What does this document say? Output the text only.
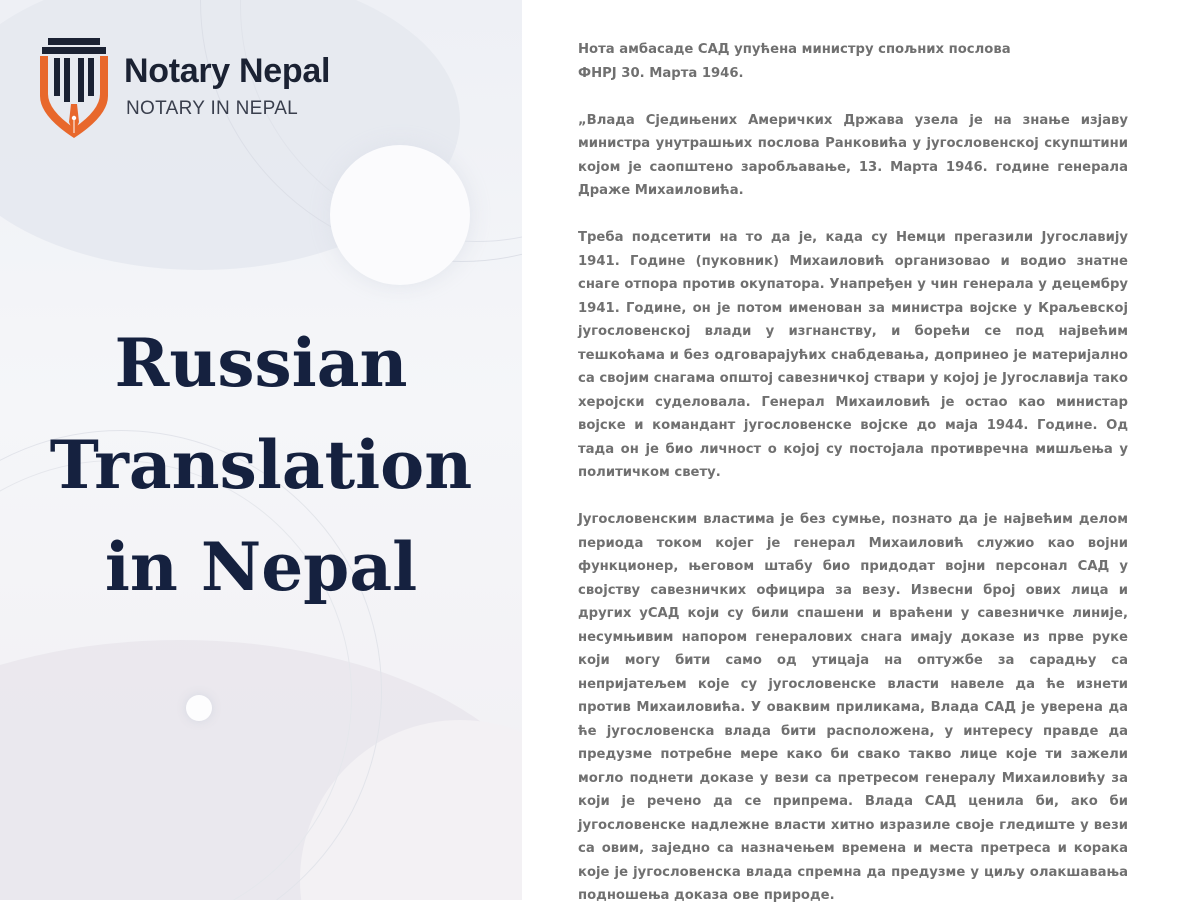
Notary Nepal

NOTARY IN NEPAL

Russian
Translation
in Nepal

Нота амбасаде САД упућена министру спољних послова

ФНРЈ 30. Марта 1946.

„Влада Сједињених Америчких Држава узела је на знање изјаву министра унутрашњих послова Ранковића у југословенској скупштини којом је саопштено заробљавање, 13. Марта 1946. године генерала Драже Михаиловића.

Треба подсетити на то да је, када су Немци прегазили Југославију 1941. Године (пуковник) Михаиловић организовао и водио знатне снаге отпора против окупатора. Унапређен у чин генерала у децембру 1941. Године, он је потом именован за министра војске у Краљевској југословенској влади у изгнанству, и борећи се под највећим тешкоћама и без одговарајућих снабдевања, допринео је материјално са својим снагама општој савезничкој ствари у којој је Југославија тако херојски суделовала. Генерал Михаиловић је остао као министар војске и командант југословенске војске до маја 1944. Године. Од тада он је био личност о којој су постојала противречна мишљења у политичком свету.

Југословенским властима је без сумње, познато да је највећим делом периода током којег је генерал Михаиловић служио као војни функционер, његовом штабу био придодат војни персонал САД у својству савезничких официра за везу. Извесни број ових лица и других уСАД који су били спашени и враћени у савезничке линије, несумњивим напором генералових снага имају доказе из прве руке који могу бити само од утицаја на оптужбе за сарадњу са непријатељем које су југословенске власти навеле да ће изнети против Михаиловића. У оваквим приликама, Влада САД је уверена да ће југословенска влада бити расположена, у интересу правде да предузме потребне мере како би свако такво лице које ти зажели могло поднети доказе у вези са претресом генералу Михаиловићу за који је речено да се припрема. Влада САД ценила би, ако би југословенске надлежне власти хитно изразиле своје гледиште у вези са овим, заједно са назначењем времена и места претреса и корака које је југословенска влада спремна да предузме у циљу олакшавања подношења доказа ове природе.
